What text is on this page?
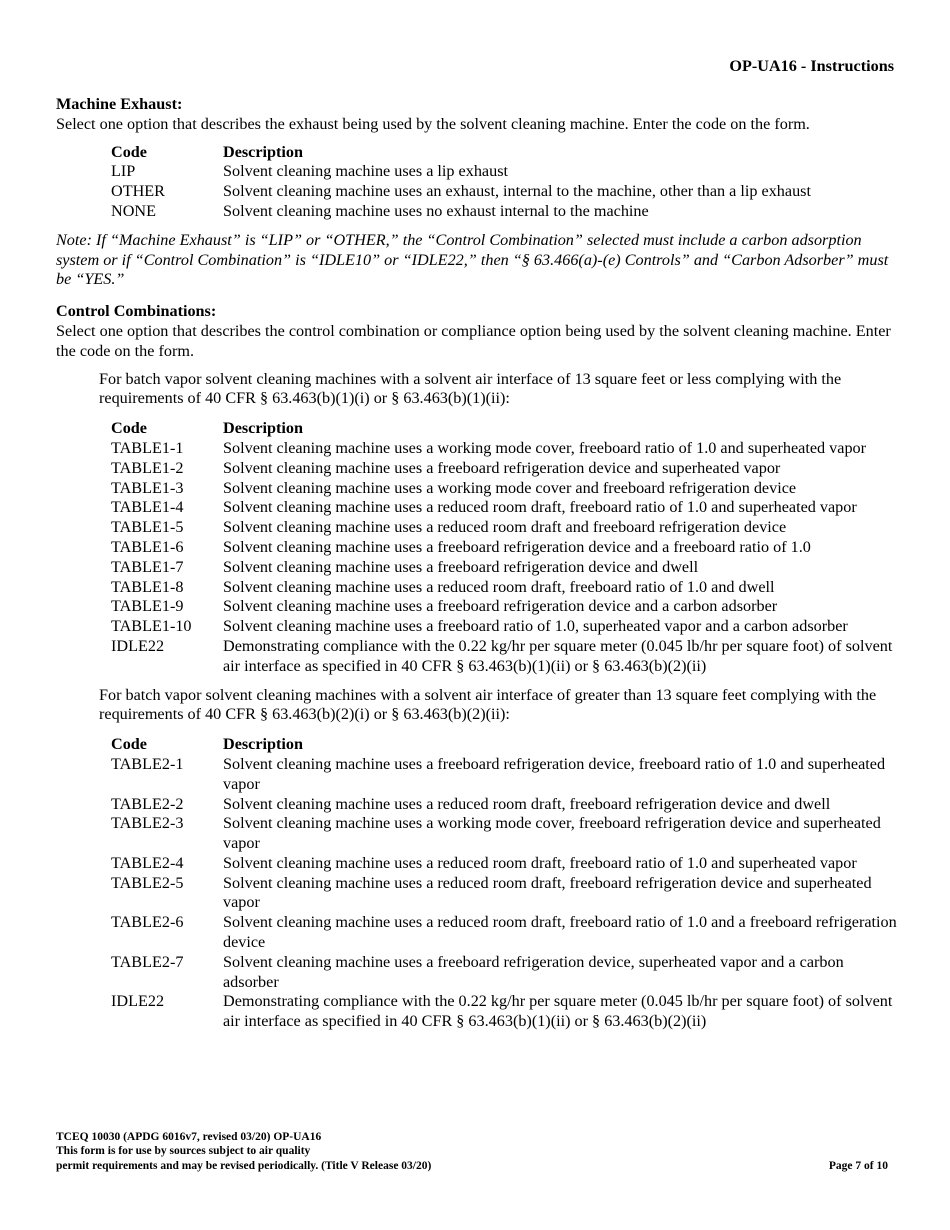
OP-UA16 - Instructions

Machine Exhaust:

Select one option that describes the exhaust being used by the solvent cleaning machine. Enter the code on the form.

Code	Description
LIP	Solvent cleaning machine uses a lip exhaust
OTHER	Solvent cleaning machine uses an exhaust, internal to the machine, other than a lip exhaust
NONE	Solvent cleaning machine uses no exhaust internal to the machine

Note: If “Machine Exhaust” is “LIP” or “OTHER,” the “Control Combination” selected must include a carbon adsorption system or if “Control Combination” is “IDLE10” or “IDLE22,” then “§ 63.466(a)-(e) Controls” and “Carbon Adsorber” must be “YES.”

Control Combinations:

Select one option that describes the control combination or compliance option being used by the solvent cleaning machine. Enter the code on the form.

For batch vapor solvent cleaning machines with a solvent air interface of 13 square feet or less complying with the requirements of 40 CFR § 63.463(b)(1)(i) or § 63.463(b)(1)(ii):

Code	Description
TABLE1-1	Solvent cleaning machine uses a working mode cover, freeboard ratio of 1.0 and superheated vapor
TABLE1-2	Solvent cleaning machine uses a freeboard refrigeration device and superheated vapor
TABLE1-3	Solvent cleaning machine uses a working mode cover and freeboard refrigeration device
TABLE1-4	Solvent cleaning machine uses a reduced room draft, freeboard ratio of 1.0 and superheated vapor
TABLE1-5	Solvent cleaning machine uses a reduced room draft and freeboard refrigeration device
TABLE1-6	Solvent cleaning machine uses a freeboard refrigeration device and a freeboard ratio of 1.0
TABLE1-7	Solvent cleaning machine uses a freeboard refrigeration device and dwell
TABLE1-8	Solvent cleaning machine uses a reduced room draft, freeboard ratio of 1.0 and dwell
TABLE1-9	Solvent cleaning machine uses a freeboard refrigeration device and a carbon adsorber
TABLE1-10	Solvent cleaning machine uses a freeboard ratio of 1.0, superheated vapor and a carbon adsorber
IDLE22	Demonstrating compliance with the 0.22 kg/hr per square meter (0.045 lb/hr per square foot) of solvent air interface as specified in 40 CFR § 63.463(b)(1)(ii) or § 63.463(b)(2)(ii)

For batch vapor solvent cleaning machines with a solvent air interface of greater than 13 square feet complying with the requirements of 40 CFR § 63.463(b)(2)(i) or § 63.463(b)(2)(ii):

Code	Description
TABLE2-1	Solvent cleaning machine uses a freeboard refrigeration device, freeboard ratio of 1.0 and superheated vapor
TABLE2-2	Solvent cleaning machine uses a reduced room draft, freeboard refrigeration device and dwell
TABLE2-3	Solvent cleaning machine uses a working mode cover, freeboard refrigeration device and superheated vapor
TABLE2-4	Solvent cleaning machine uses a reduced room draft, freeboard ratio of 1.0 and superheated vapor
TABLE2-5	Solvent cleaning machine uses a reduced room draft, freeboard refrigeration device and superheated vapor
TABLE2-6	Solvent cleaning machine uses a reduced room draft, freeboard ratio of 1.0 and a freeboard refrigeration device
TABLE2-7	Solvent cleaning machine uses a freeboard refrigeration device, superheated vapor and a carbon adsorber
IDLE22	Demonstrating compliance with the 0.22 kg/hr per square meter (0.045 lb/hr per square foot) of solvent air interface as specified in 40 CFR § 63.463(b)(1)(ii) or § 63.463(b)(2)(ii)
TCEQ 10030 (APDG 6016v7, revised 03/20) OP-UA16
This form is for use by sources subject to air quality
permit requirements and may be revised periodically. (Title V Release 03/20)	Page 7 of 10
